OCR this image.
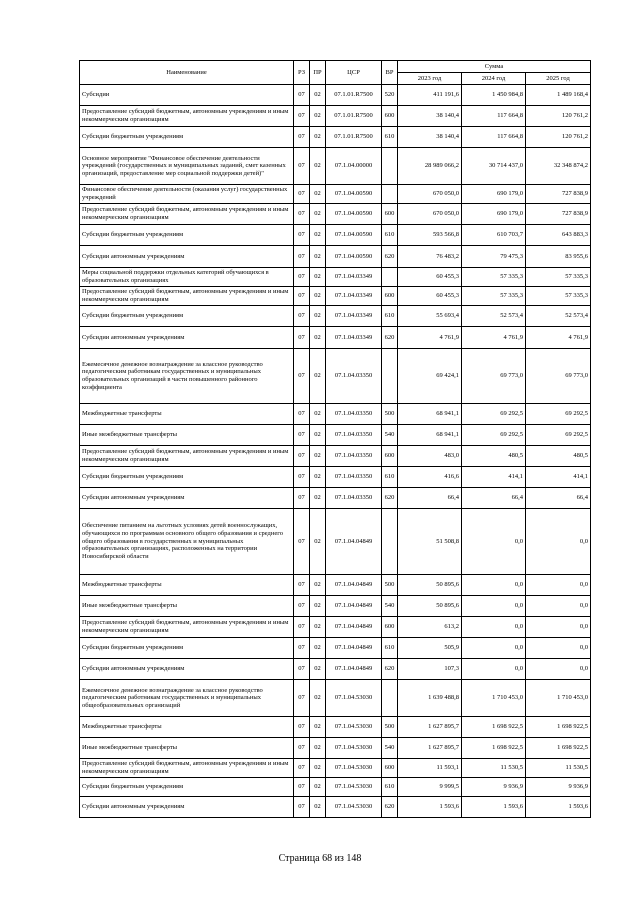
Наименование	РЗ	ПР	ЦСР	ВР	Сумма		
					2023 год	2024 год	2025 год
Субсидии	07	02	07.1.01.R7500	520	411 191,6	1 450 984,8	1 489 168,4
Предоставление субсидий бюджетным, автономным учреждениям и иным некоммерческим организациям	07	02	07.1.01.R7500	600	38 140,4	117 664,8	120 761,2
Субсидии бюджетным учреждениям	07	02	07.1.01.R7500	610	38 140,4	117 664,8	120 761,2
Основное мероприятие "Финансовое обеспечение деятельности учреждений (государственных и муниципальных заданий, смет казенных организаций, предоставление мер социальной поддержки детей)"	07	02	07.1.04.00000		28 989 066,2	30 714 437,0	32 348 874,2
Финансовое обеспечение деятельности (оказания услуг) государственных учреждений	07	02	07.1.04.00590		670 050,0	690 179,0	727 838,9
Предоставление субсидий бюджетным, автономным учреждениям и иным некоммерческим организациям	07	02	07.1.04.00590	600	670 050,0	690 179,0	727 838,9
Субсидии бюджетным учреждениям	07	02	07.1.04.00590	610	593 566,8	610 703,7	643 883,3
Субсидии автономным учреждениям	07	02	07.1.04.00590	620	76 483,2	79 475,3	83 955,6
Меры социальной поддержки отдельных категорий обучающихся в образовательных организациях	07	02	07.1.04.03349		60 455,3	57 335,3	57 335,3
Предоставление субсидий бюджетным, автономным учреждениям и иным некоммерческим организациям	07	02	07.1.04.03349	600	60 455,3	57 335,3	57 335,3
Субсидии бюджетным учреждениям	07	02	07.1.04.03349	610	55 693,4	52 573,4	52 573,4
Субсидии автономным учреждениям	07	02	07.1.04.03349	620	4 761,9	4 761,9	4 761,9
Ежемесячное денежное вознаграждение за классное руководство педагогическим работникам государственных и муниципальных образовательных организаций в части повышенного районного коэффициента	07	02	07.1.04.03350		69 424,1	69 773,0	69 773,0
Межбюджетные трансферты	07	02	07.1.04.03350	500	68 941,1	69 292,5	69 292,5
Иные межбюджетные трансферты	07	02	07.1.04.03350	540	68 941,1	69 292,5	69 292,5
Предоставление субсидий бюджетным, автономным учреждениям и иным некоммерческим организациям	07	02	07.1.04.03350	600	483,0	480,5	480,5
Субсидии бюджетным учреждениям	07	02	07.1.04.03350	610	416,6	414,1	414,1
Субсидии автономным учреждениям	07	02	07.1.04.03350	620	66,4	66,4	66,4
Обеспечение питанием на льготных условиях детей военнослужащих, обучающихся по программам основного общего образования и среднего общего образования в государственных и муниципальных образовательных организациях, расположенных на территории Новосибирской области	07	02	07.1.04.04849		51 508,8	0,0	0,0
Межбюджетные трансферты	07	02	07.1.04.04849	500	50 895,6	0,0	0,0
Иные межбюджетные трансферты	07	02	07.1.04.04849	540	50 895,6	0,0	0,0
Предоставление субсидий бюджетным, автономным учреждениям и иным некоммерческим организациям	07	02	07.1.04.04849	600	613,2	0,0	0,0
Субсидии бюджетным учреждениям	07	02	07.1.04.04849	610	505,9	0,0	0,0
Субсидии автономным учреждениям	07	02	07.1.04.04849	620	107,3	0,0	0,0
Ежемесячное денежное вознаграждение за классное руководство педагогическим работникам государственных и муниципальных общеобразовательных организаций	07	02	07.1.04.53030		1 639 488,8	1 710 453,0	1 710 453,0
Межбюджетные трансферты	07	02	07.1.04.53030	500	1 627 895,7	1 698 922,5	1 698 922,5
Иные межбюджетные трансферты	07	02	07.1.04.53030	540	1 627 895,7	1 698 922,5	1 698 922,5
Предоставление субсидий бюджетным, автономным учреждениям и иным некоммерческим организациям	07	02	07.1.04.53030	600	11 593,1	11 530,5	11 530,5
Субсидии бюджетным учреждениям	07	02	07.1.04.53030	610	9 999,5	9 936,9	9 936,9
Субсидии автономным учреждениям	07	02	07.1.04.53030	620	1 593,6	1 593,6	1 593,6
Страница 68 из 148
